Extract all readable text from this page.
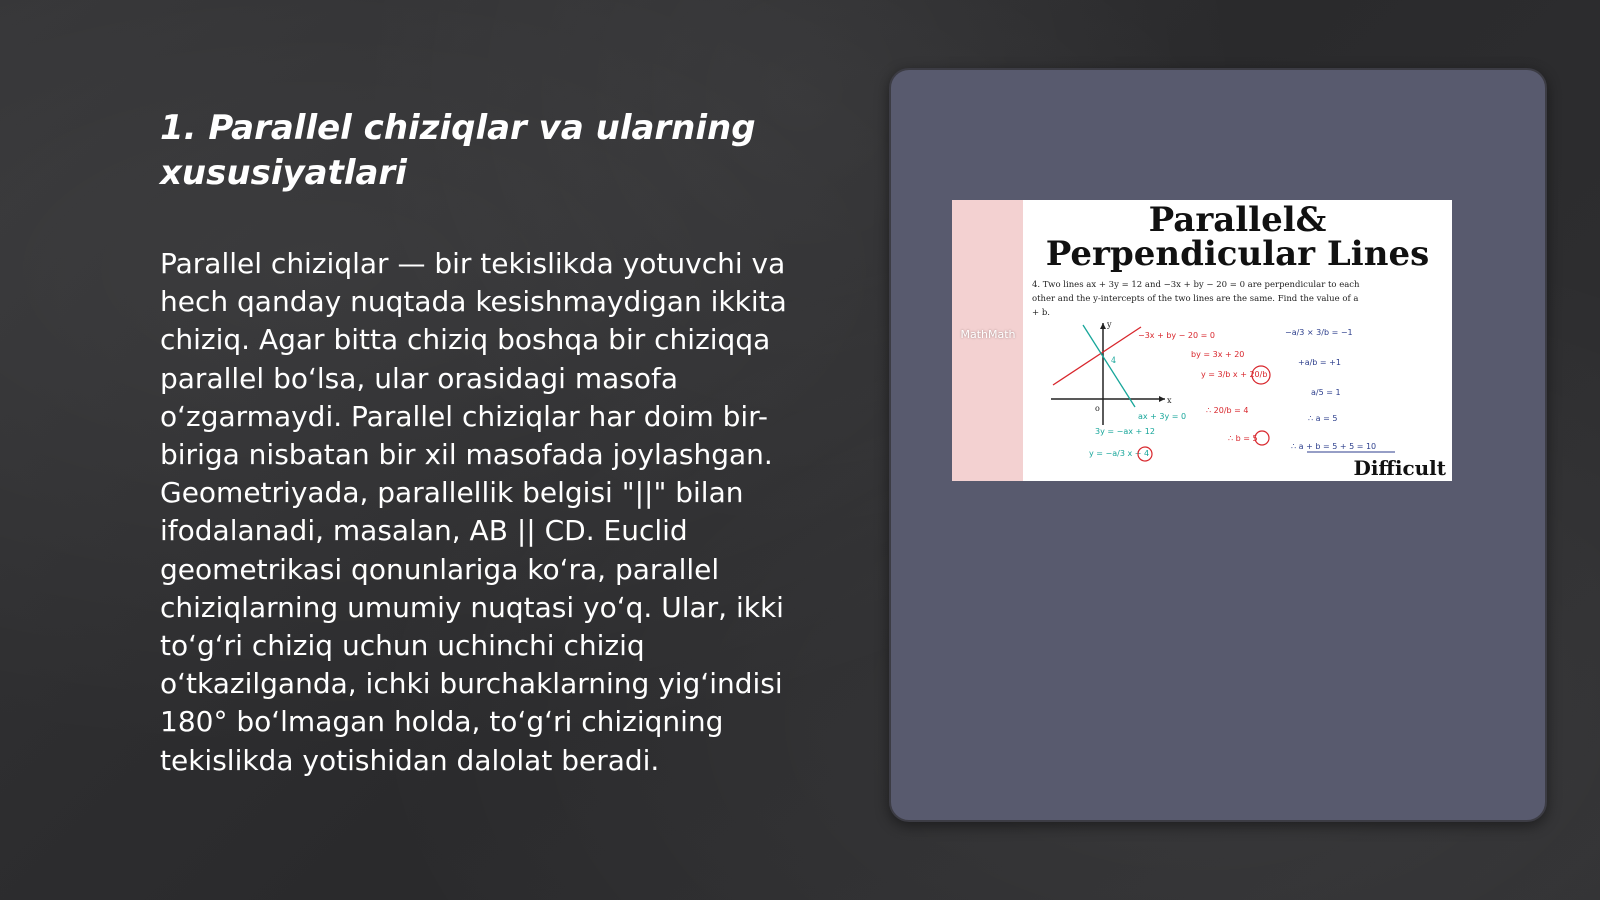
1. Parallel chiziqlar va ularning xususiyatlari

Parallel chiziqlar — bir tekislikda yotuvchi va hech qanday nuqtada kesishmaydigan ikkita chiziq. Agar bitta chiziq boshqa bir chiziqqa parallel boʻlsa, ular orasidagi masofa oʻzgarmaydi. Parallel chiziqlar har doim bir-biriga nisbatan bir xil masofada joylashgan. Geometriyada, parallellik belgisi "||" bilan ifodalanadi, masalan, AB || CD. Euclid geometrikasi qonunlariga koʻra, parallel chiziqlarning umumiy nuqtasi yoʻq. Ular, ikki toʻgʻri chiziq uchun uchinchi chiziq oʻtkazilganda, ichki burchaklarning yigʻindisi 180° boʻlmagan holda, toʻgʻri chiziqning tekislikda yotishidan dalolat beradi.

MathMath
Parallel&
Perpendicular Lines
4. Two lines ax + 3y = 12 and −3x + by − 20 = 0 are perpendicular to each other and the y-intercepts of the two lines are the same. Find the value of a + b.
y
x
o
4
−3x + by − 20 = 0
by = 3x + 20
y = 3/b x + 20/b
ax + 3y = 0
3y = −ax + 12
y = −a/3 x + 4
−a/3 × 3/b = −1
+a/b = +1
a/5 = 1
∴ a = 5
∴ 20/b = 4
∴ b = 5
∴ a + b = 5 + 5 = 10
Difficult
